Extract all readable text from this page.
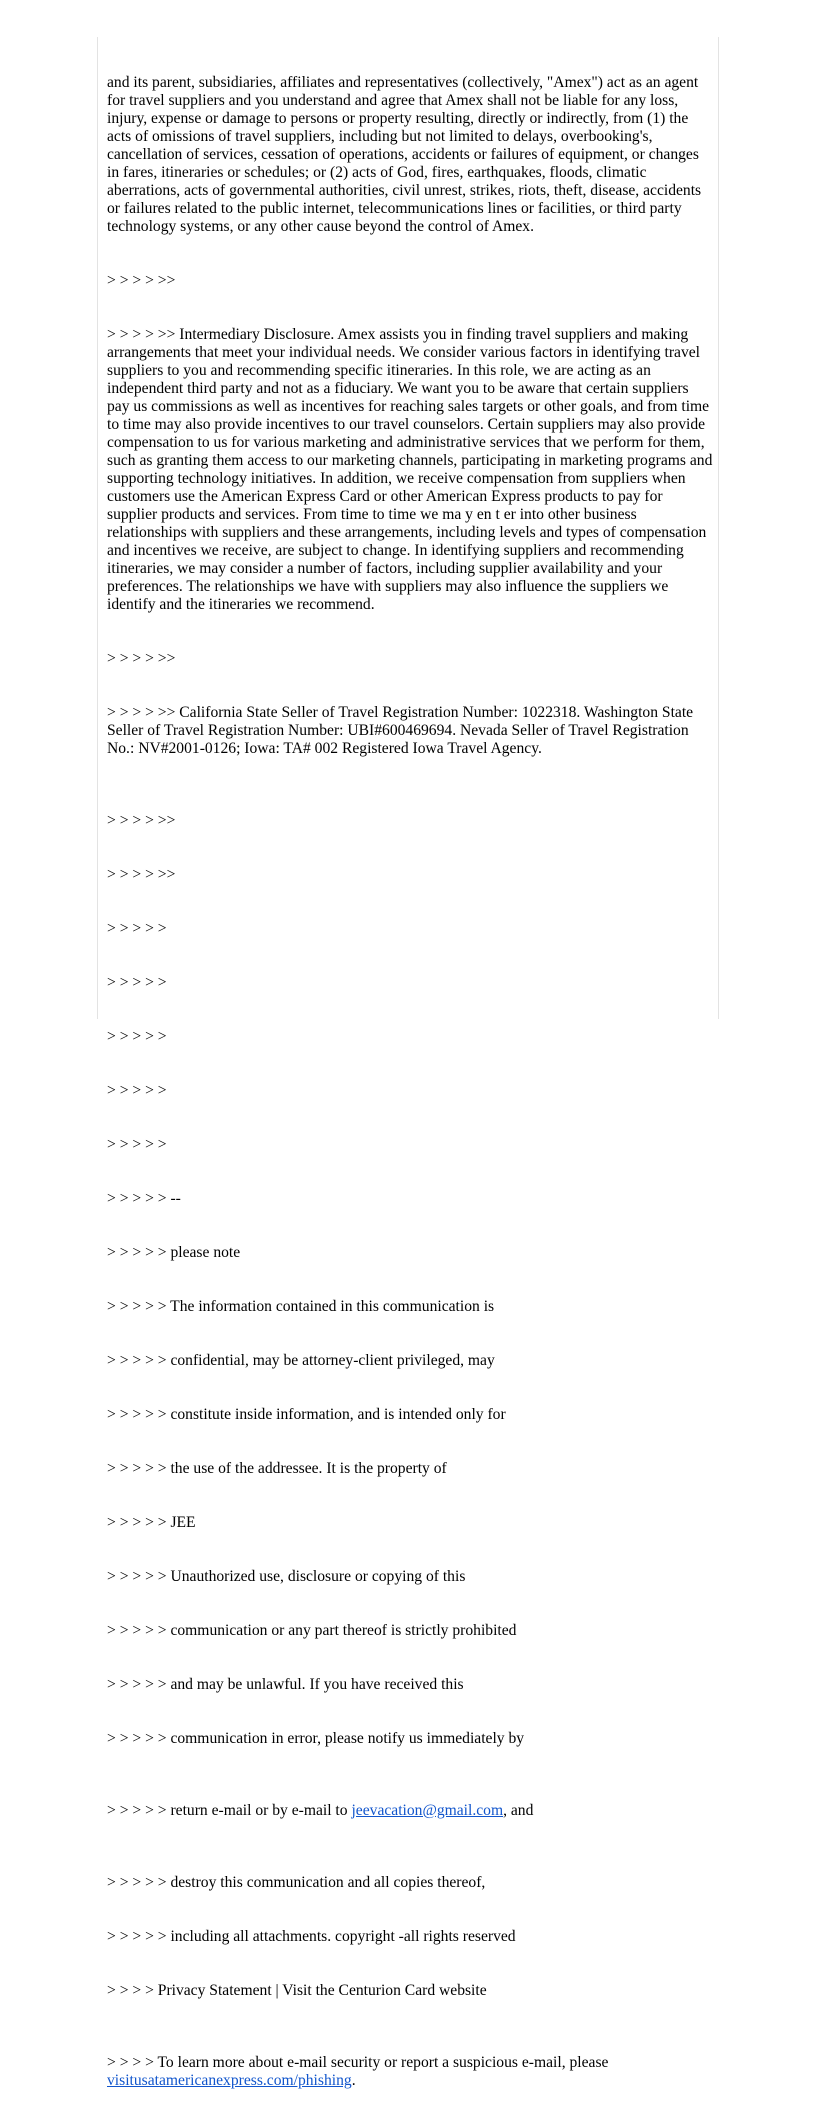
and its parent, subsidiaries, affiliates and representatives (collectively, "Amex") act as an agent for travel suppliers and you understand and agree that Amex shall not be liable for any loss, injury, expense or damage to persons or property resulting, directly or indirectly, from (1) the acts of omissions of travel suppliers, including but not limited to delays, overbooking's, cancellation of services, cessation of operations, accidents or failures of equipment, or changes in fares, itineraries or schedules; or (2) acts of God, fires, earthquakes, floods, climatic aberrations, acts of governmental authorities, civil unrest, strikes, riots, theft, disease, accidents or failures related to the public internet, telecommunications lines or facilities, or third party technology systems, or any other cause beyond the control of Amex.

> > > > >>

> > > > >> Intermediary Disclosure. Amex assists you in finding travel suppliers and making arrangements that meet your individual needs. We consider various factors in identifying travel suppliers to you and recommending specific itineraries. In this role, we are acting as an independent third party and not as a fiduciary. We want you to be aware that certain suppliers pay us commissions as well as incentives for reaching sales targets or other goals, and from time to time may also provide incentives to our travel counselors. Certain suppliers may also provide compensation to us for various marketing and administrative services that we perform for them, such as granting them access to our marketing channels, participating in marketing programs and supporting technology initiatives. In addition, we receive compensation from suppliers when customers use the American Express Card or other American Express products to pay for supplier products and services. From time to time we ma y en t er into other business relationships with suppliers and these arrangements, including levels and types of compensation and incentives we receive, are subject to change. In identifying suppliers and recommending itineraries, we may consider a number of factors, including supplier availability and your preferences. The relationships we have with suppliers may also influence the suppliers we identify and the itineraries we recommend.

> > > > >>

> > > > >> California State Seller of Travel Registration Number: 1022318. Washington State Seller of Travel Registration Number: UBI#600469694. Nevada Seller of Travel Registration No.: NV#2001-0126; Iowa: TA# 002 Registered Iowa Travel Agency.

> > > > >>

> > > > >>

> > > > >

> > > > >

> > > > >

> > > > >

> > > > >

> > > > > --

> > > > > please note

> > > > > The information contained in this communication is

> > > > > confidential, may be attorney-client privileged, may

> > > > > constitute inside information, and is intended only for

> > > > > the use of the addressee. It is the property of

> > > > > JEE

> > > > > Unauthorized use, disclosure or copying of this

> > > > > communication or any part thereof is strictly prohibited

> > > > > and may be unlawful. If you have received this

> > > > > communication in error, please notify us immediately by

> > > > > return e-mail or by e-mail to jeevacation@gmail.com, and

> > > > > destroy this communication and all copies thereof,

> > > > > including all attachments. copyright -all rights reserved

> > > > Privacy Statement | Visit the Centurion Card website

> > > > To learn more about e-mail security or report a suspicious e-mail, please visitusatamericanexpress.com/phishing.
